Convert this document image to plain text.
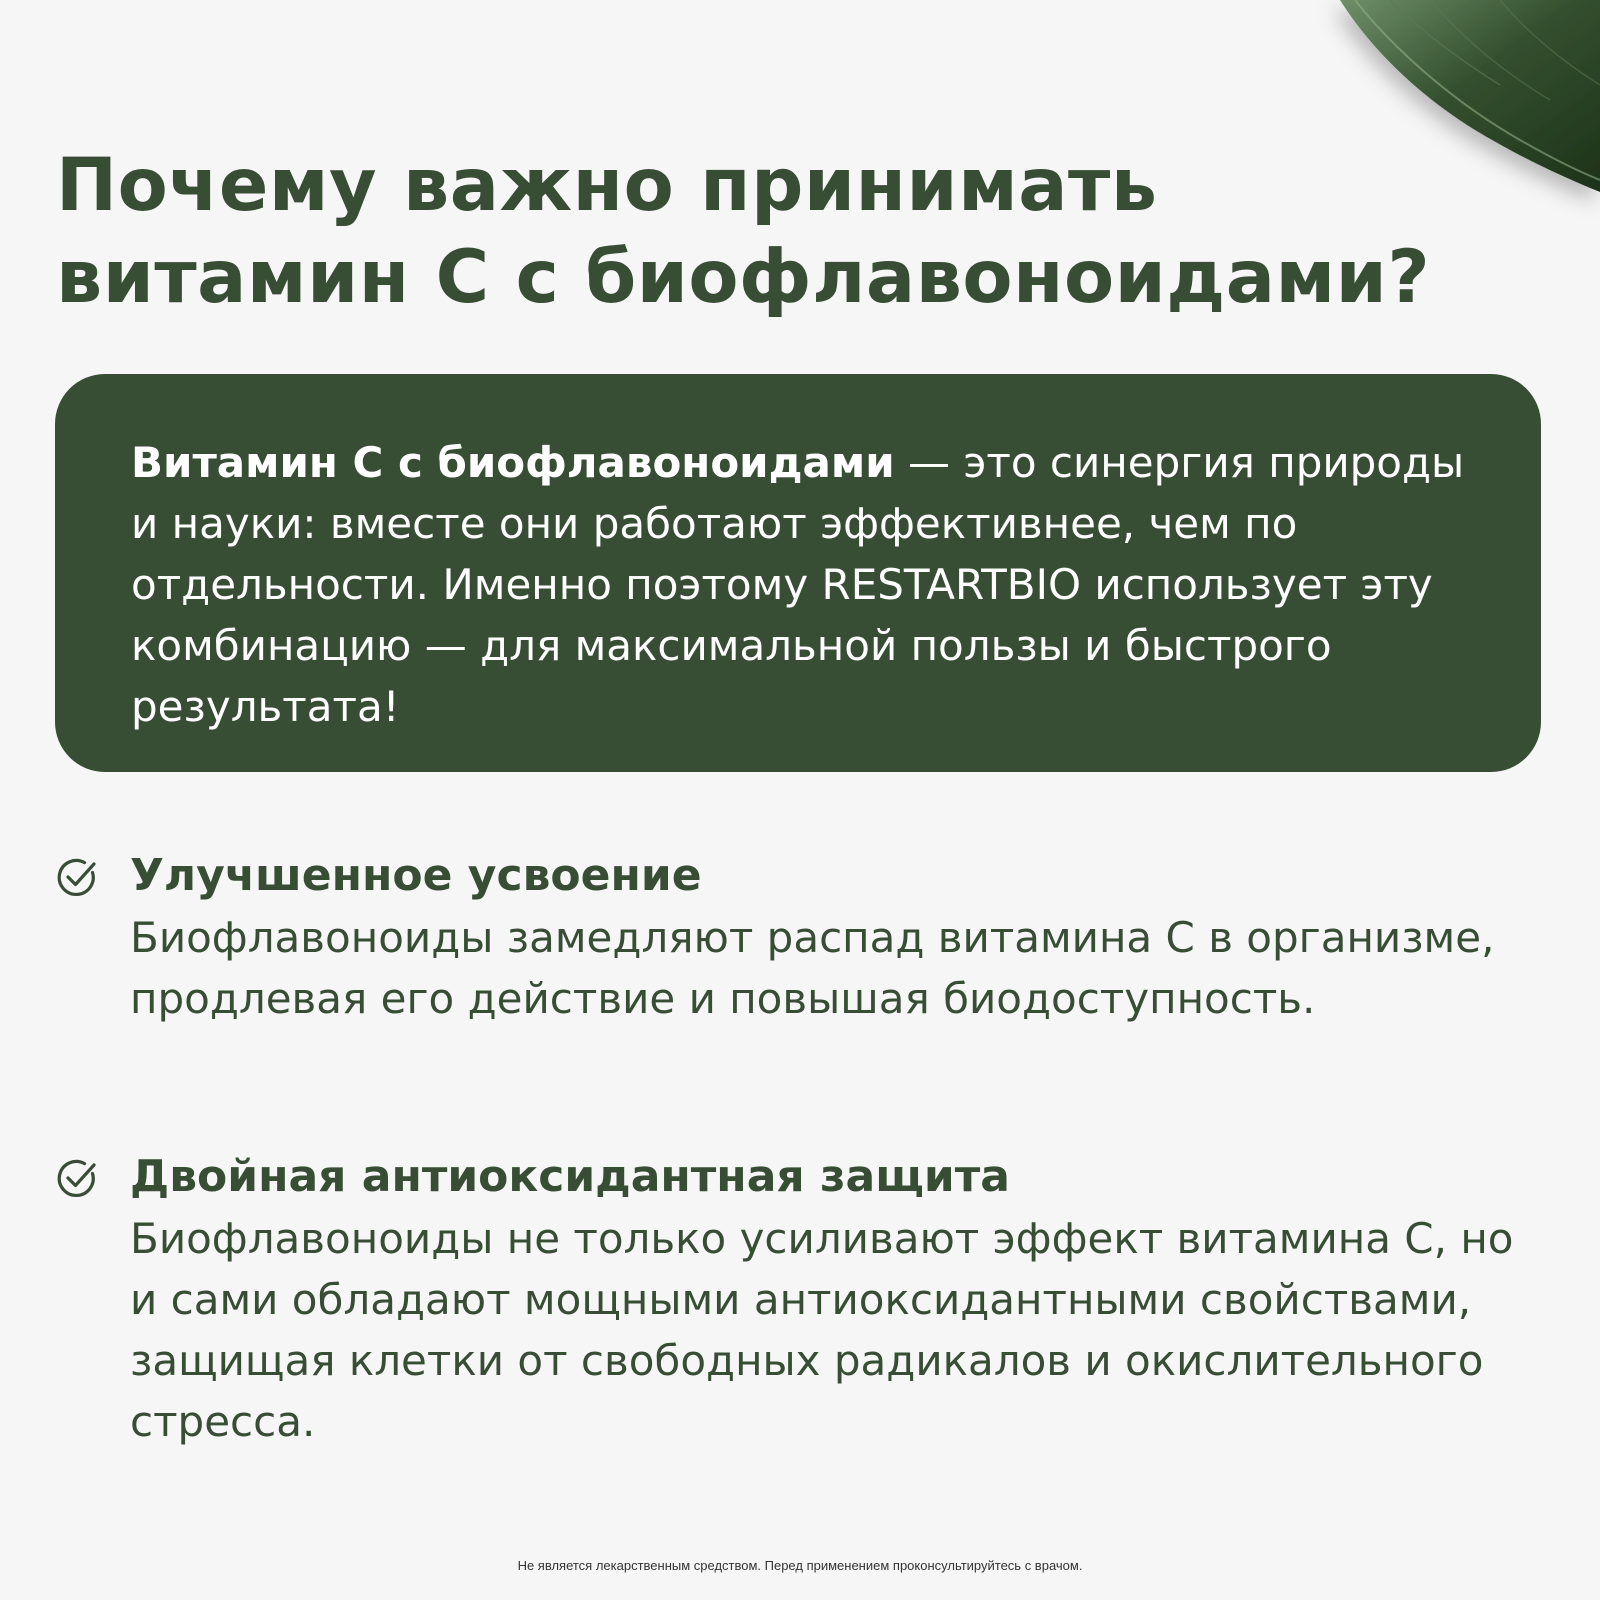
Почему важно принимать витамин С с биофлавоноидами?

Витамин С с биофлавоноидами — это синергия природы и науки: вместе они работают эффективнее, чем по отдельности. Именно поэтому RESTARTBIO использует эту комбинацию — для максимальной пользы и быстрого результата!

Улучшенное усвоение

Биофлавоноиды замедляют распад витамина С в организме, продлевая его действие и повышая биодоступность.

Двойная антиоксидантная защита

Биофлавоноиды не только усиливают эффект витамина С, но и сами обладают мощными антиоксидантными свойствами, защищая клетки от свободных радикалов и окислительного стресса.

Не является лекарственным средством. Перед применением проконсультируйтесь с врачом.
